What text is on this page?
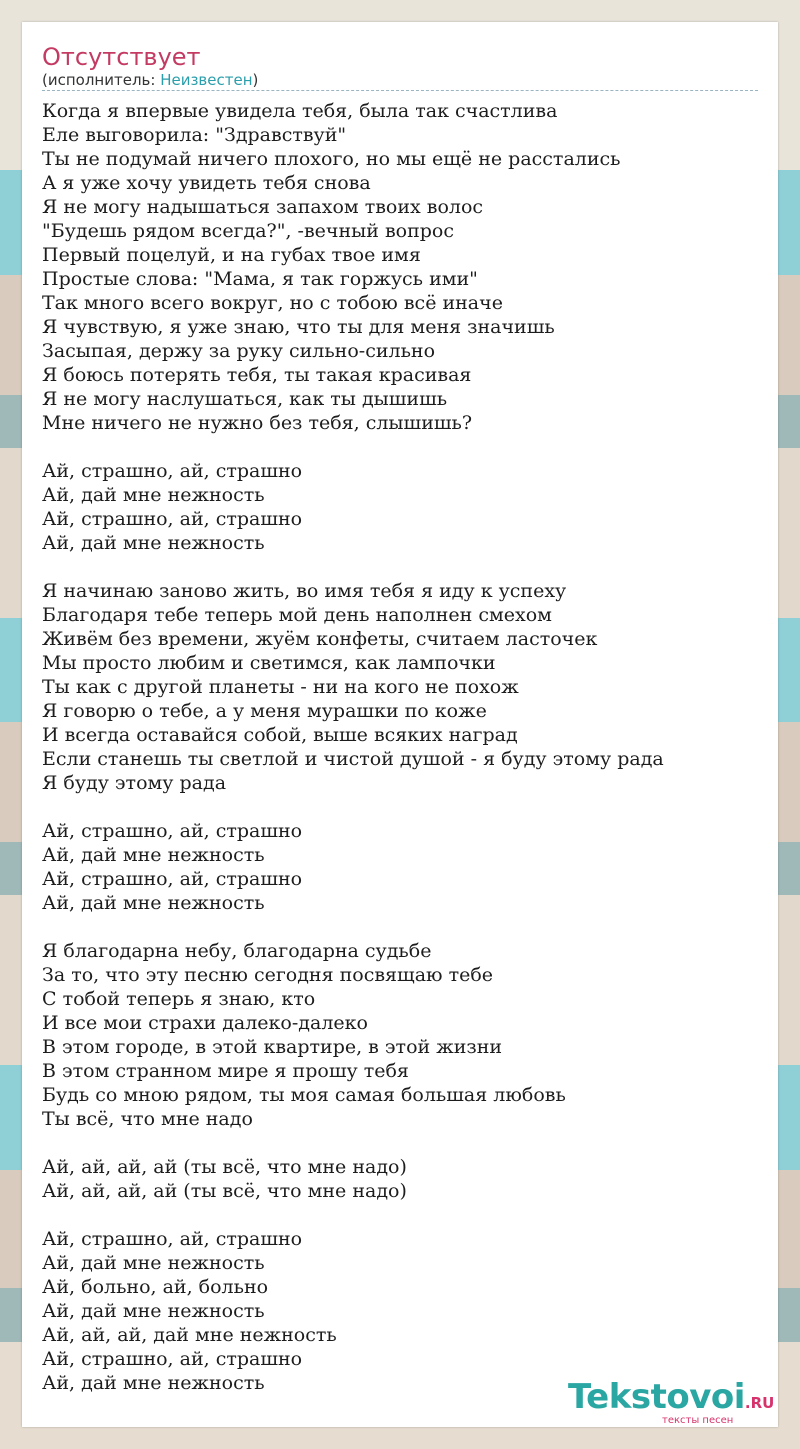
Отсутствует
(исполнитель: Неизвестен)
Когда я впервые увидела тебя, была так счастлива
Еле выговорила: "Здравствуй"
Ты не подумай ничего плохого, но мы ещё не расстались
А я уже хочу увидеть тебя снова
Я не могу надышаться запахом твоих волос
"Будешь рядом всегда?", -вечный вопрос
Первый поцелуй, и на губах твое имя
Простые слова: "Мама, я так горжусь ими"
Так много всего вокруг, но с тобою всё иначе
Я чувствую, я уже знаю, что ты для меня значишь
Засыпая, держу за руку сильно-сильно
Я боюсь потерять тебя, ты такая красивая
Я не могу наслушаться, как ты дышишь
Мне ничего не нужно без тебя, слышишь?
Ай, страшно, ай, страшно
Ай, дай мне нежность
Ай, страшно, ай, страшно
Ай, дай мне нежность
Я начинаю заново жить, во имя тебя я иду к успеху
Благодаря тебе теперь мой день наполнен смехом
Живём без времени, жуём конфеты, считаем ласточек
Мы просто любим и светимся, как лампочки
Ты как с другой планеты - ни на кого не похож
Я говорю о тебе, а у меня мурашки по коже
И всегда оставайся собой, выше всяких наград
Если станешь ты светлой и чистой душой - я буду этому рада
Я буду этому рада
Ай, страшно, ай, страшно
Ай, дай мне нежность
Ай, страшно, ай, страшно
Ай, дай мне нежность
Я благодарна небу, благодарна судьбе
За то, что эту песню сегодня посвящаю тебе
С тобой теперь я знаю, кто
И все мои страхи далеко-далеко
В этом городе, в этой квартире, в этой жизни
В этом странном мире я прошу тебя
Будь со мною рядом, ты моя самая большая любовь
Ты всё, что мне надо
Ай, ай, ай, ай (ты всё, что мне надо)
Ай, ай, ай, ай (ты всё, что мне надо)
Ай, страшно, ай, страшно
Ай, дай мне нежность
Ай, больно, ай, больно
Ай, дай мне нежность
Ай, ай, ай, дай мне нежность
Ай, страшно, ай, страшно
Ай, дай мне нежность	Tekstovoi.RU
тексты песен
